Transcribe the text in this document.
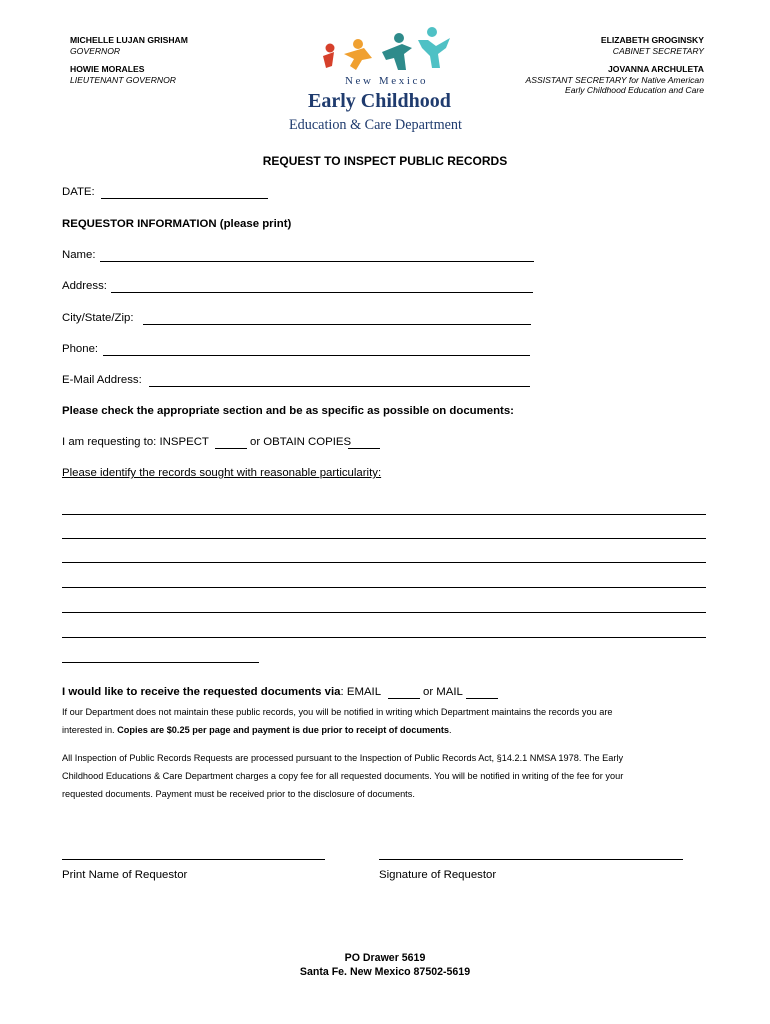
MICHELLE LUJAN GRISHAM
GOVERNOR
HOWIE MORALES
LIEUTENANT GOVERNOR
ELIZABETH GROGINSKY
CABINET SECRETARY
JOVANNA ARCHULETA
ASSISTANT SECRETARY for Native American
Early Childhood Education and Care
New Mexico
Early Childhood
Education & Care Department
REQUEST TO INSPECT PUBLIC RECORDS
DATE:
REQUESTOR INFORMATION (please print)
Name:
Address:
City/State/Zip:
Phone:
E-Mail Address:
Please check the appropriate section and be as specific as possible on documents:
I am requesting to: INSPECT	or OBTAIN COPIES
Please identify the records sought with reasonable particularity:
I would like to receive the requested documents via: EMAIL	or MAIL
If our Department does not maintain these public records, you will be notified in writing which Department maintains the records you are
interested in. Copies are $0.25 per page and payment is due prior to receipt of documents.
All Inspection of Public Records Requests are processed pursuant to the Inspection of Public Records Act, §14.2.1 NMSA 1978. The Early
Childhood Educations & Care Department charges a copy fee for all requested documents. You will be notified in writing of the fee for your
requested documents. Payment must be received prior to the disclosure of documents.
Print Name of Requestor	Signature of Requestor
PO Drawer 5619
Santa Fe. New Mexico 87502-5619
